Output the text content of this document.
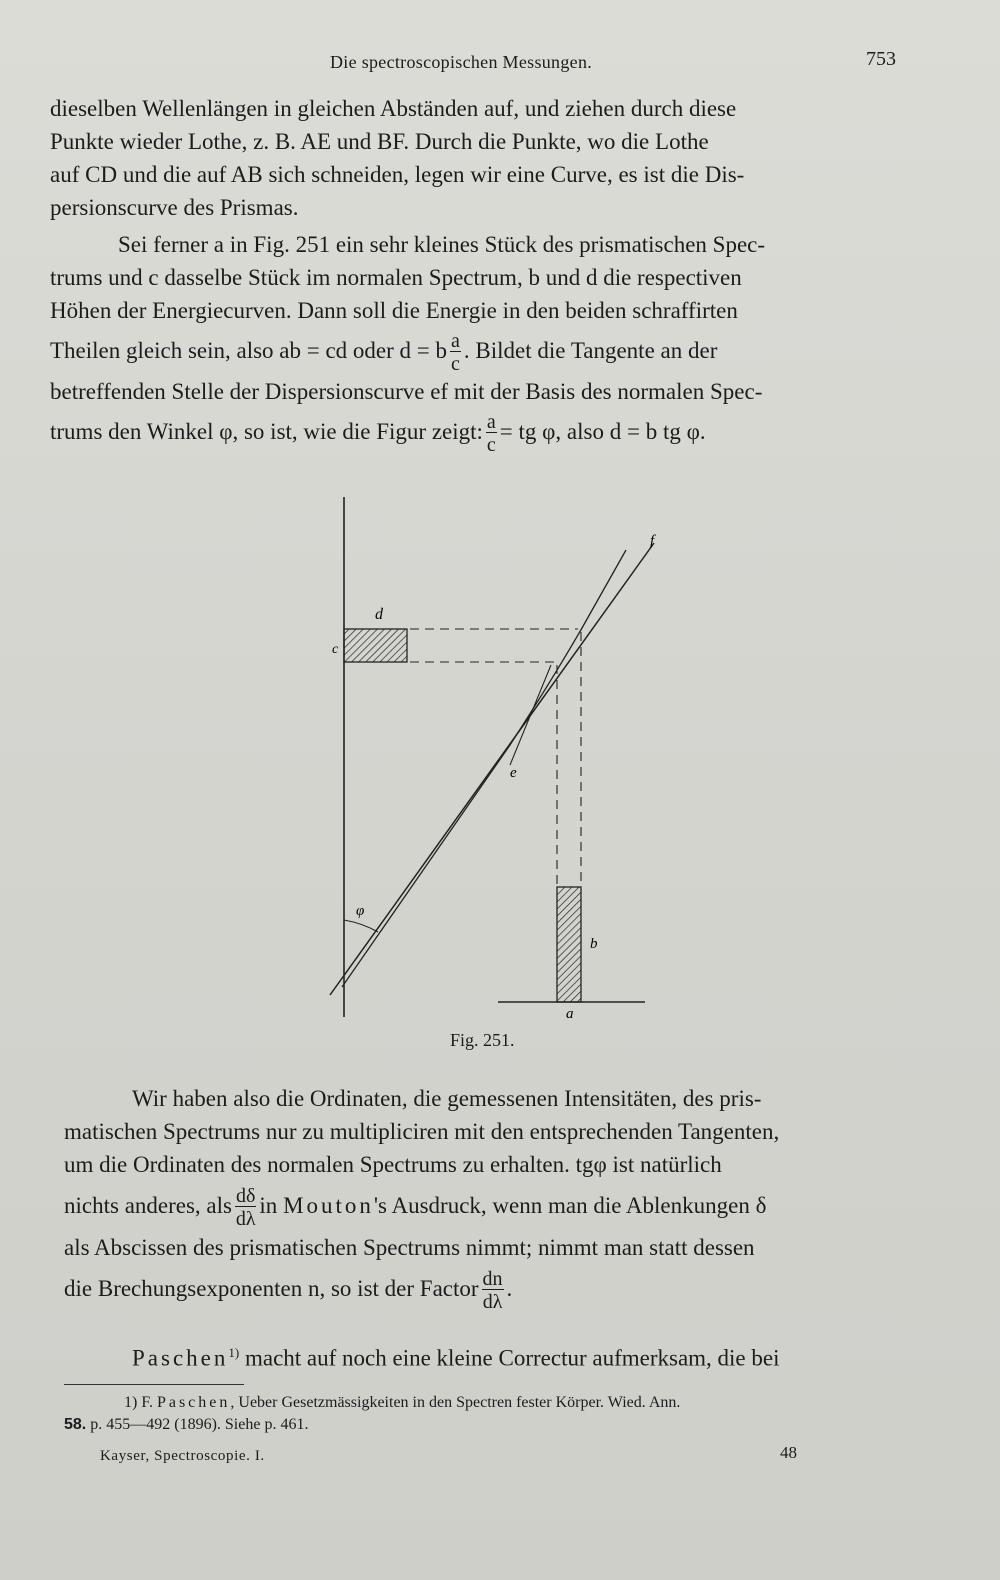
Die spectroscopischen Messungen.	753
dieselben Wellenlängen in gleichen Abständen auf, und ziehen durch diese
Punkte wieder Lothe, z. B. AE und BF. Durch die Punkte, wo die Lothe
auf CD und die auf AB sich schneiden, legen wir eine Curve, es ist die Dis-
persionscurve des Prismas.
Sei ferner a in Fig. 251 ein sehr kleines Stück des prismatischen Spec-
trums und c dasselbe Stück im normalen Spectrum, b und d die respectiven
Höhen der Energiecurven. Dann soll die Energie in den beiden schraffirten
Theilen gleich sein, also ab = cd oder d = b $\frac{a}{c}$ . Bildet die Tangente an der
betreffenden Stelle der Dispersionscurve ef mit der Basis des normalen Spec-
trums den Winkel φ, so ist, wie die Figur zeigt: $\frac{a}{c}$ = tg φ, also d = b tg φ.
d
c
f
e
φ
b
a
Fig. 251.
Wir haben also die Ordinaten, die gemessenen Intensitäten, des pris-
matischen Spectrums nur zu multipliciren mit den entsprechenden Tangenten,
um die Ordinaten des normalen Spectrums zu erhalten. tgφ ist natürlich
nichts anderes, als $\frac{d\delta}{d\lambda}$ in Mouton's Ausdruck, wenn man die Ablenkungen δ
als Abscissen des prismatischen Spectrums nimmt; nimmt man statt dessen
die Brechungsexponenten n, so ist der Factor $\frac{dn}{d\lambda}$ .
Paschen$^{1)}$ macht auf noch eine kleine Correctur aufmerksam, die bei
1) F. Paschen, Ueber Gesetzmässigkeiten in den Spectren fester Körper. Wied. Ann.
58. p. 455—492 (1896). Siehe p. 461.
Kayser, Spectroscopie. I.	48
